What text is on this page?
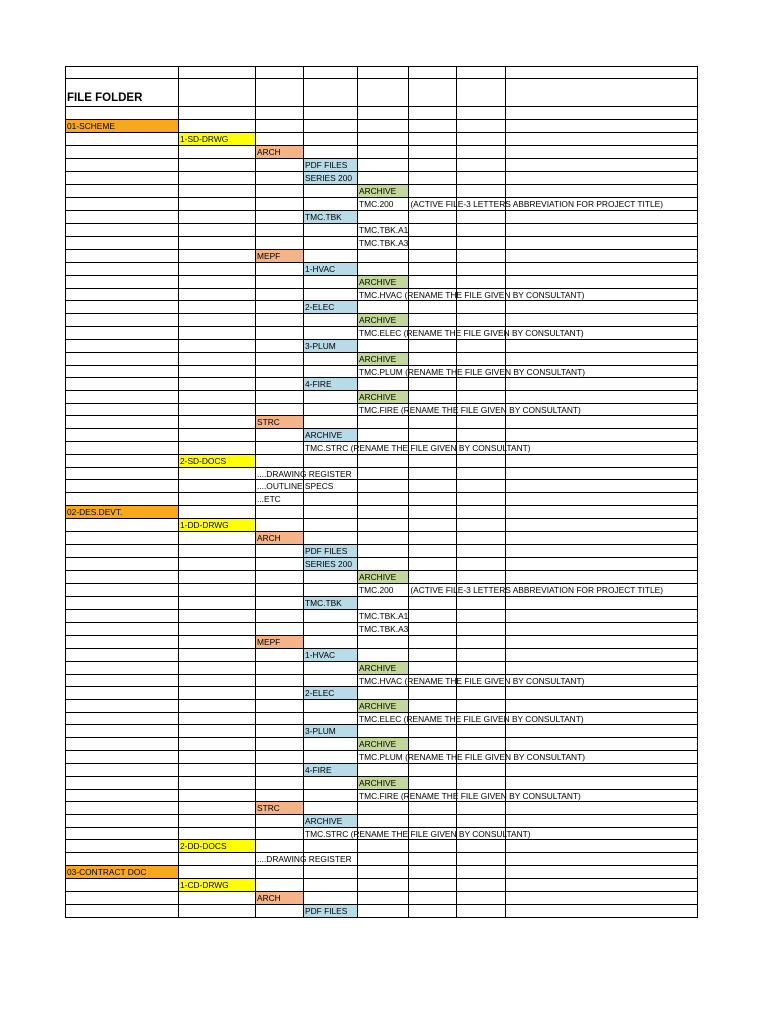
FILE FOLDER							

01-SCHEME							
	1-SD-DRWG						
		ARCH					
			PDF FILES				
			SERIES 200				
				ARCHIVE			
				TMC.200	(ACTIVE FILE-3 LETTERS ABBREVIATION FOR PROJECT TITLE)		

			TMC.TBK				
				TMC.TBK.A1			
				TMC.TBK.A3			
		MEPF					
			1-HVAC				
				ARCHIVE			

				TMC.HVAC (RENAME THE FILE GIVEN BY CONSULTANT)			

			2-ELEC				
				ARCHIVE			

				TMC.ELEC (RENAME THE FILE GIVEN BY CONSULTANT)			

			3-PLUM				
				ARCHIVE			

				TMC.PLUM (RENAME THE FILE GIVEN BY CONSULTANT)			

			4-FIRE				
				ARCHIVE			

				TMC.FIRE (RENAME THE FILE GIVEN BY CONSULTANT)			

		STRC					
			ARCHIVE				

			TMC.STRC (RENAME THE FILE GIVEN BY CONSULTANT)				

	2-SD-DOCS						

		....DRAWING REGISTER					

		....OUTLINE SPECS					

		...ETC					
02-DES.DEVT.							
	1-DD-DRWG						
		ARCH					
			PDF FILES				
			SERIES 200				
				ARCHIVE			
				TMC.200	(ACTIVE FILE-3 LETTERS ABBREVIATION FOR PROJECT TITLE)		

			TMC.TBK				
				TMC.TBK.A1			
				TMC.TBK.A3			
		MEPF					
			1-HVAC				
				ARCHIVE			

				TMC.HVAC (RENAME THE FILE GIVEN BY CONSULTANT)			

			2-ELEC				
				ARCHIVE			

				TMC.ELEC (RENAME THE FILE GIVEN BY CONSULTANT)			

			3-PLUM				
				ARCHIVE			

				TMC.PLUM (RENAME THE FILE GIVEN BY CONSULTANT)			

			4-FIRE				
				ARCHIVE			

				TMC.FIRE (RENAME THE FILE GIVEN BY CONSULTANT)			

		STRC					
			ARCHIVE				

			TMC.STRC (RENAME THE FILE GIVEN BY CONSULTANT)				

	2-DD-DOCS						

		....DRAWING REGISTER					

03-CONTRACT DOC							
	1-CD-DRWG						
		ARCH					
			PDF FILES				
